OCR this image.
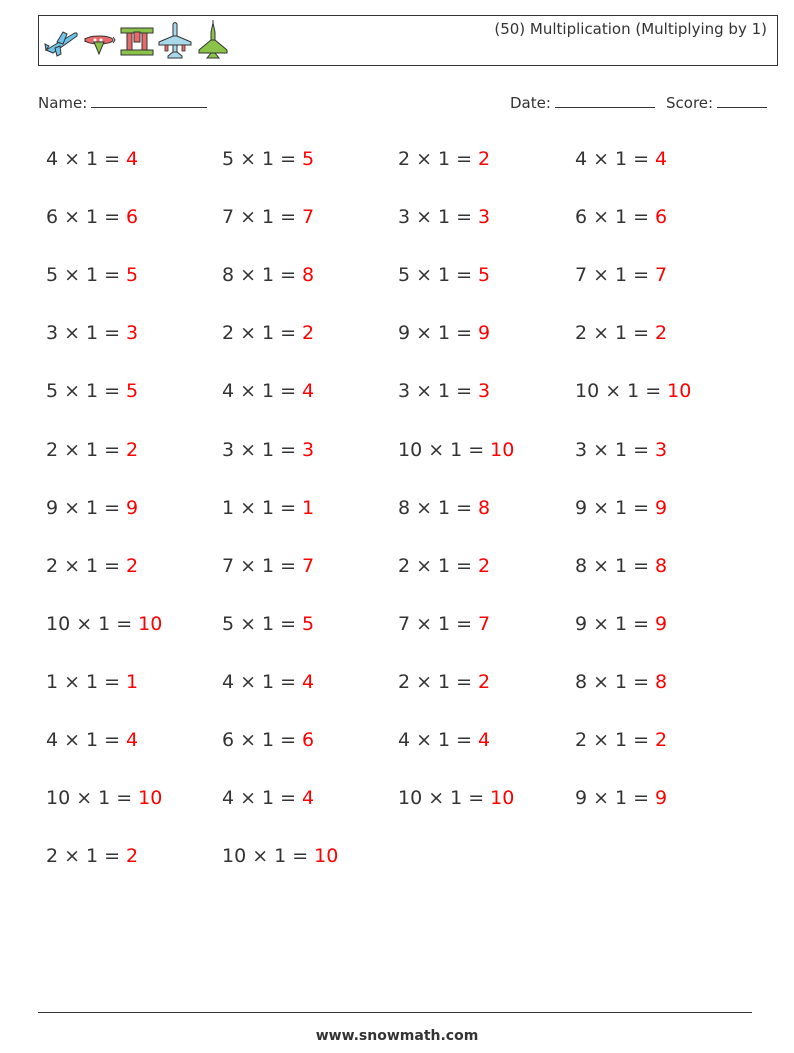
(50) Multiplication (Multiplying by 1)
Name:	Date:	Score:
4 × 1 = 4	5 × 1 = 5	2 × 1 = 2	4 × 1 = 4
6 × 1 = 6	7 × 1 = 7	3 × 1 = 3	6 × 1 = 6
5 × 1 = 5	8 × 1 = 8	5 × 1 = 5	7 × 1 = 7
3 × 1 = 3	2 × 1 = 2	9 × 1 = 9	2 × 1 = 2
5 × 1 = 5	4 × 1 = 4	3 × 1 = 3	10 × 1 = 10
2 × 1 = 2	3 × 1 = 3	10 × 1 = 10	3 × 1 = 3
9 × 1 = 9	1 × 1 = 1	8 × 1 = 8	9 × 1 = 9
2 × 1 = 2	7 × 1 = 7	2 × 1 = 2	8 × 1 = 8
10 × 1 = 10	5 × 1 = 5	7 × 1 = 7	9 × 1 = 9
1 × 1 = 1	4 × 1 = 4	2 × 1 = 2	8 × 1 = 8
4 × 1 = 4	6 × 1 = 6	4 × 1 = 4	2 × 1 = 2
10 × 1 = 10	4 × 1 = 4	10 × 1 = 10	9 × 1 = 9
2 × 1 = 2	10 × 1 = 10
www.snowmath.com
